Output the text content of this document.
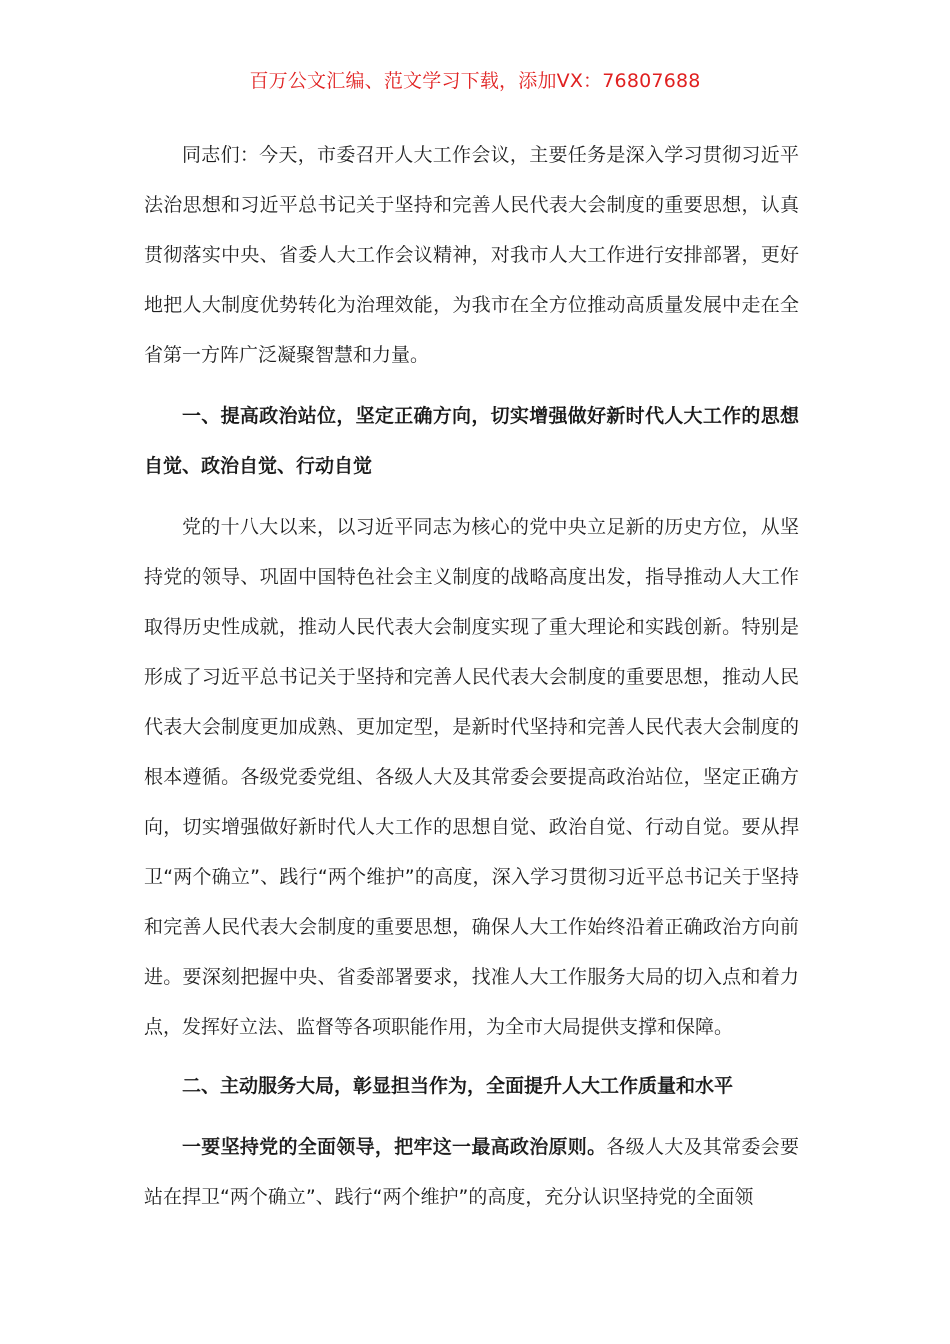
百万公文汇编、范文学习下载，添加VX：76807688

同志们：今天，市委召开人大工作会议，主要任务是深入学习贯彻习近平法治思想和习近平总书记关于坚持和完善人民代表大会制度的重要思想，认真贯彻落实中央、省委人大工作会议精神，对我市人大工作进行安排部署，更好地把人大制度优势转化为治理效能，为我市在全方位推动高质量发展中走在全省第一方阵广泛凝聚智慧和力量。

一、提高政治站位，坚定正确方向，切实增强做好新时代人大工作的思想自觉、政治自觉、行动自觉

党的十八大以来，以习近平同志为核心的党中央立足新的历史方位，从坚持党的领导、巩固中国特色社会主义制度的战略高度出发，指导推动人大工作取得历史性成就，推动人民代表大会制度实现了重大理论和实践创新。特别是形成了习近平总书记关于坚持和完善人民代表大会制度的重要思想，推动人民代表大会制度更加成熟、更加定型，是新时代坚持和完善人民代表大会制度的根本遵循。各级党委党组、各级人大及其常委会要提高政治站位，坚定正确方向，切实增强做好新时代人大工作的思想自觉、政治自觉、行动自觉。要从捍卫“两个确立”、践行“两个维护”的高度，深入学习贯彻习近平总书记关于坚持和完善人民代表大会制度的重要思想，确保人大工作始终沿着正确政治方向前进。要深刻把握中央、省委部署要求，找准人大工作服务大局的切入点和着力点，发挥好立法、监督等各项职能作用，为全市大局提供支撑和保障。

二、主动服务大局，彰显担当作为，全面提升人大工作质量和水平

一要坚持党的全面领导，把牢这一最高政治原则。各级人大及其常委会要站在捍卫“两个确立”、践行“两个维护”的高度，充分认识坚持党的全面领
